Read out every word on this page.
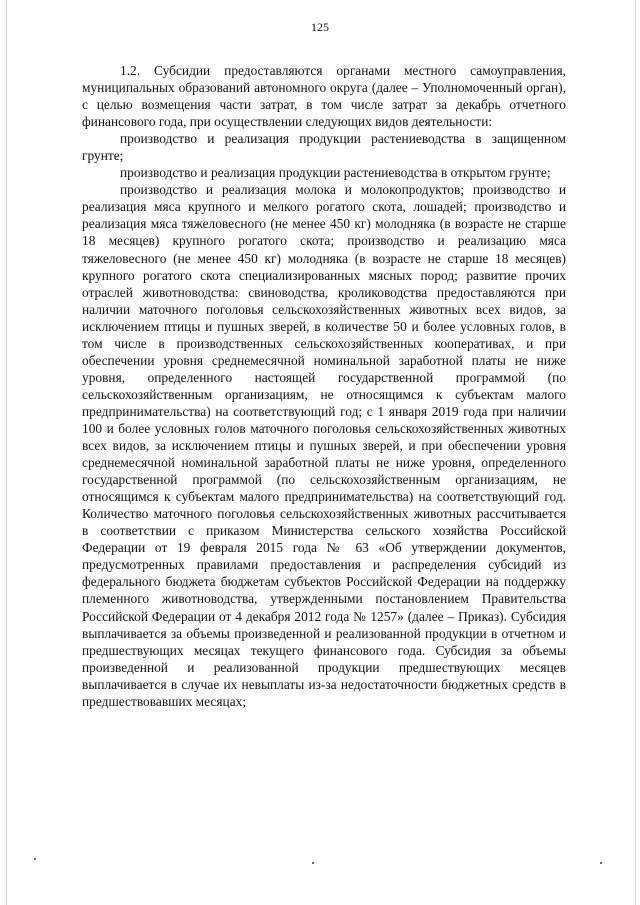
125

1.2. Субсидии предоставляются органами местного самоуправления, муниципальных образований автономного округа (далее – Уполномоченный орган), с целью возмещения части затрат, в том числе затрат за декабрь отчетного финансового года, при осуществлении следующих видов деятельности:

производство и реализация продукции растениеводства в защищенном грунте;

производство и реализация продукции растениеводства в открытом грунте;

производство и реализация молока и молокопродуктов; производство и реализация мяса крупного и мелкого рогатого скота, лошадей; производство и реализация мяса тяжеловесного (не менее 450 кг) молодняка (в возрасте не старше 18 месяцев) крупного рогатого скота; производство и реализацию мяса тяжеловесного (не менее 450 кг) молодняка (в возрасте не старше 18 месяцев) крупного рогатого скота специализированных мясных пород; развитие прочих отраслей животноводства: свиноводства, кролиководства предоставляются при наличии маточного поголовья сельскохозяйственных животных всех видов, за исключением птицы и пушных зверей, в количестве 50 и более условных голов, в том числе в производственных сельскохозяйственных кооперативах, и при обеспечении уровня среднемесячной номинальной заработной платы не ниже уровня, определенного настоящей государственной программой (по сельскохозяйственным организациям, не относящимся к субъектам малого предпринимательства) на соответствующий год; с 1 января 2019 года при наличии 100 и более условных голов маточного поголовья сельскохозяйственных животных всех видов, за исключением птицы и пушных зверей, и при обеспечении уровня среднемесячной номинальной заработной платы не ниже уровня, определенного государственной программой (по сельскохозяйственным организациям, не относящимся к субъектам малого предпринимательства) на соответствующий год. Количество маточного поголовья сельскохозяйственных животных рассчитывается в соответствии с приказом Министерства сельского хозяйства Российской Федерации от 19 февраля 2015 года № 63 «Об утверждении документов, предусмотренных правилами предоставления и распределения субсидий из федерального бюджета бюджетам субъектов Российской Федерации на поддержку племенного животноводства, утвержденными постановлением Правительства Российской Федерации от 4 декабря 2012 года № 1257» (далее – Приказ). Субсидия выплачивается за объемы произведенной и реализованной продукции в отчетном и предшествующих месяцах текущего финансового года. Субсидия за объемы произведенной и реализованной продукции предшествующих месяцев выплачивается в случае их невыплаты из-за недостаточности бюджетных средств в предшествовавших месяцах;
